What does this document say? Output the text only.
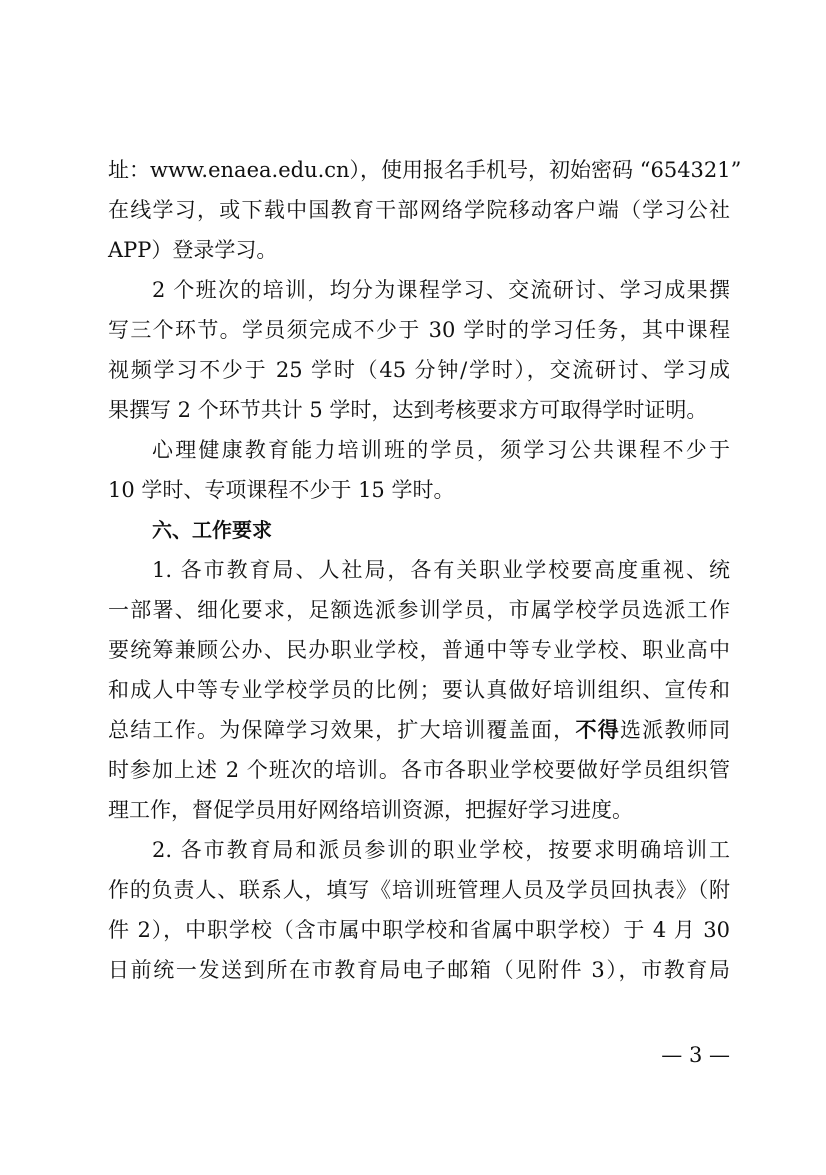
址：www.enaea.edu.cn），使用报名手机号，初始密码 “654321”
在线学习，或下载中国教育干部网络学院移动客户端（学习公社
APP）登录学习。
2 个班次的培训，均分为课程学习、交流研讨、学习成果撰
写三个环节。学员须完成不少于 30 学时的学习任务，其中课程
视频学习不少于 25 学时（45 分钟/学时），交流研讨、学习成
果撰写 2 个环节共计 5 学时，达到考核要求方可取得学时证明。
心理健康教育能力培训班的学员，须学习公共课程不少于
10 学时、专项课程不少于 15 学时。
六、工作要求
1. 各市教育局、人社局，各有关职业学校要高度重视、统
一部署、细化要求，足额选派参训学员，市属学校学员选派工作
要统筹兼顾公办、民办职业学校，普通中等专业学校、职业高中
和成人中等专业学校学员的比例；要认真做好培训组织、宣传和
总结工作。为保障学习效果，扩大培训覆盖面，不得选派教师同
时参加上述 2 个班次的培训。各市各职业学校要做好学员组织管
理工作，督促学员用好网络培训资源，把握好学习进度。
2. 各市教育局和派员参训的职业学校，按要求明确培训工
作的负责人、联系人，填写《培训班管理人员及学员回执表》（附
件 2），中职学校（含市属中职学校和省属中职学校）于 4 月 30
日前统一发送到所在市教育局电子邮箱（见附件 3），市教育局
— 3 —
